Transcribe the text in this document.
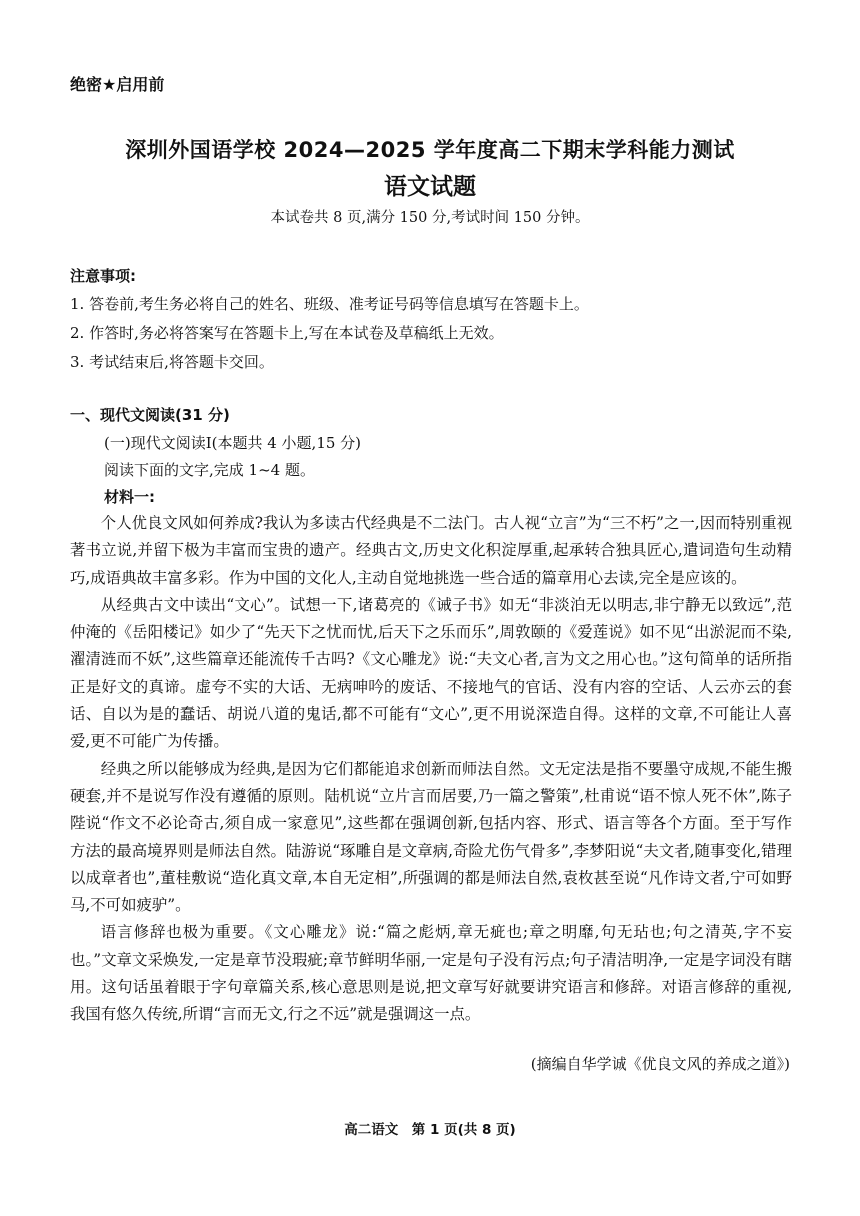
绝密★启用前
深圳外国语学校 2024—2025 学年度高二下期末学科能力测试
语文试题
本试卷共 8 页,满分 150 分,考试时间 150 分钟。
注意事项:
1. 答卷前,考生务必将自己的姓名、班级、准考证号码等信息填写在答题卡上。
2. 作答时,务必将答案写在答题卡上,写在本试卷及草稿纸上无效。
3. 考试结束后,将答题卡交回。
一、现代文阅读(31 分)
(一)现代文阅读Ⅰ(本题共 4 小题,15 分)
阅读下面的文字,完成 1~4 题。
材料一:

个人优良文风如何养成?我认为多读古代经典是不二法门。古人视“立言”为“三不朽”之一,因而特别重视著书立说,并留下极为丰富而宝贵的遗产。经典古文,历史文化积淀厚重,起承转合独具匠心,遣词造句生动精巧,成语典故丰富多彩。作为中国的文化人,主动自觉地挑选一些合适的篇章用心去读,完全是应该的。

从经典古文中读出“文心”。试想一下,诸葛亮的《诫子书》如无“非淡泊无以明志,非宁静无以致远”,范仲淹的《岳阳楼记》如少了“先天下之忧而忧,后天下之乐而乐”,周敦颐的《爱莲说》如不见“出淤泥而不染,濯清涟而不妖”,这些篇章还能流传千古吗?《文心雕龙》说:“夫文心者,言为文之用心也。”这句简单的话所指正是好文的真谛。虚夸不实的大话、无病呻吟的废话、不接地气的官话、没有内容的空话、人云亦云的套话、自以为是的蠢话、胡说八道的鬼话,都不可能有“文心”,更不用说深造自得。这样的文章,不可能让人喜爱,更不可能广为传播。

经典之所以能够成为经典,是因为它们都能追求创新而师法自然。文无定法是指不要墨守成规,不能生搬硬套,并不是说写作没有遵循的原则。陆机说“立片言而居要,乃一篇之警策”,杜甫说“语不惊人死不休”,陈子陛说“作文不必论奇古,须自成一家意见”,这些都在强调创新,包括内容、形式、语言等各个方面。至于写作方法的最高境界则是师法自然。陆游说“琢雕自是文章病,奇险尤伤气骨多”,李梦阳说“夫文者,随事变化,错理以成章者也”,董桂敷说“造化真文章,本自无定相”,所强调的都是师法自然,袁枚甚至说“凡作诗文者,宁可如野马,不可如疲驴”。

语言修辞也极为重要。《文心雕龙》说:“篇之彪炳,章无疵也;章之明靡,句无玷也;句之清英,字不妄也。”文章文采焕发,一定是章节没瑕疵;章节鲜明华丽,一定是句子没有污点;句子清洁明净,一定是字词没有瞎用。这句话虽着眼于字句章篇关系,核心意思则是说,把文章写好就要讲究语言和修辞。对语言修辞的重视,我国有悠久传统,所谓“言而无文,行之不远”就是强调这一点。

(摘编自华学诚《优良文风的养成之道》)
高二语文　第 1 页(共 8 页)
